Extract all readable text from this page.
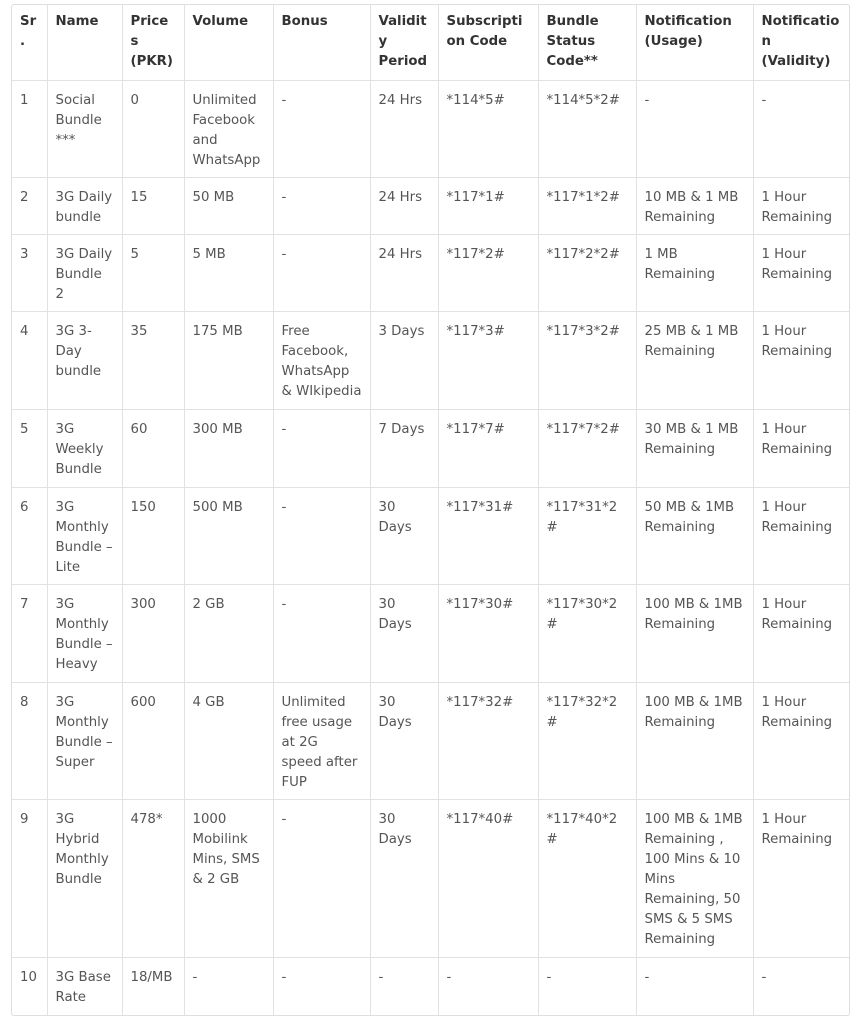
Sr.	Name	Prices (PKR)	Volume	Bonus	Validity Period	Subscription Code	Bundle Status Code**	Notification (Usage)	Notification (Validity)
1	Social Bundle ***	0	Unlimited Facebook and WhatsApp	-	24 Hrs	*114*5#	*114*5*2#	-	-
2	3G Daily bundle	15	50 MB	-	24 Hrs	*117*1#	*117*1*2#	10 MB & 1 MB Remaining	1 Hour Remaining
3	3G Daily Bundle 2	5	5 MB	-	24 Hrs	*117*2#	*117*2*2#	1 MB Remaining	1 Hour Remaining
4	3G 3-Day bundle	35	175 MB	Free Facebook, WhatsApp & WIkipedia	3 Days	*117*3#	*117*3*2#	25 MB & 1 MB Remaining	1 Hour Remaining
5	3G Weekly Bundle	60	300 MB	-	7 Days	*117*7#	*117*7*2#	30 MB & 1 MB Remaining	1 Hour Remaining
6	3G Monthly Bundle – Lite	150	500 MB	-	30 Days	*117*31#	*117*31*2#	50 MB & 1MB Remaining	1 Hour Remaining
7	3G Monthly Bundle – Heavy	300	2 GB	-	30 Days	*117*30#	*117*30*2#	100 MB & 1MB Remaining	1 Hour Remaining
8	3G Monthly Bundle – Super	600	4 GB	Unlimited free usage at 2G speed after FUP	30 Days	*117*32#	*117*32*2#	100 MB & 1MB Remaining	1 Hour Remaining
9	3G Hybrid Monthly Bundle	478*	1000 Mobilink Mins, SMS & 2 GB	-	30 Days	*117*40#	*117*40*2#	100 MB & 1MB Remaining , 100 Mins & 10 Mins Remaining, 50 SMS & 5 SMS Remaining	1 Hour Remaining
10	3G Base Rate	18/MB	-	-	-	-	-	-	-
